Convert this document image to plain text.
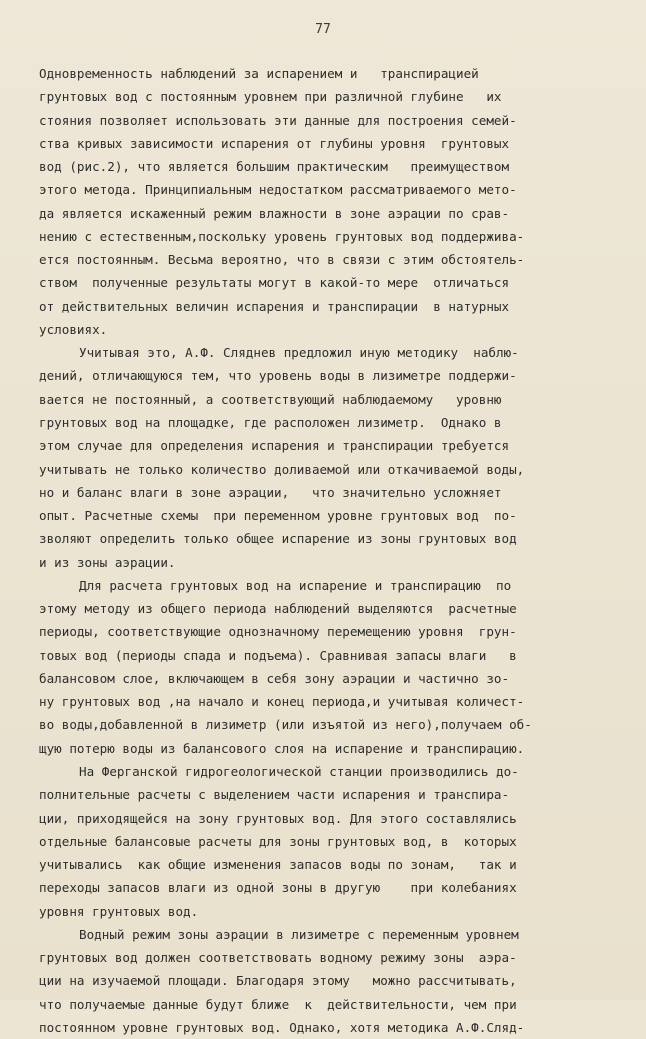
77
Одновременность наблюдений за испарением и   транспирацией
грунтовых вод с постоянным уровнем при различной глубине   их
стояния позволяет использовать эти данные для построения семей-
ства кривых зависимости испарения от глубины уровня  грунтовых
вод (рис.2), что является большим практическим   преимуществом
этого метода. Принципиальным недостатком рассматриваемого мето-
да является искаженный режим влажности в зоне аэрации по срав-
нению с естественным,поскольку уровень грунтовых вод поддержива-
ется постоянным. Весьма вероятно, что в связи с этим обстоятель-
ством  полученные результаты могут в какой-то мере  отличаться
от действительных величин испарения и транспирации  в натурных
условиях.
Учитывая это, А.Ф. Сляднев предложил иную методику  наблю-
дений, отличающуюся тем, что уровень воды в лизиметре поддержи-
вается не постоянный, а соответствующий наблюдаемому   уровню
грунтовых вод на площадке, где расположен лизиметр.  Однако в
этом случае для определения испарения и транспирации требуется
учитывать не только количество доливаемой или откачиваемой воды,
но и баланс влаги в зоне аэрации,   что значительно усложняет
опыт. Расчетные схемы  при переменном уровне грунтовых вод  по-
зволяют определить только общее испарение из зоны грунтовых вод
и из зоны аэрации.
Для расчета грунтовых вод на испарение и транспирацию  по
этому методу из общего периода наблюдений выделяются  расчетные
периоды, соответствующие однозначному перемещению уровня  грун-
товых вод (периоды спада и подъема). Сравнивая запасы влаги   в
балансовом слое, включающем в себя зону аэрации и частично зо-
ну грунтовых вод ,на начало и конец периода,и учитывая количест-
во воды,добавленной в лизиметр (или изъятой из него),получаем об-
щую потерю воды из балансового слоя на испарение и транспирацию.
На Ферганской гидрогеологической станции производились до-
полнительные расчеты с выделением части испарения и транспира-
ции, приходящейся на зону грунтовых вод. Для этого составлялись
отдельные балансовые расчеты для зоны грунтовых вод, в  которых
учитывались  как общие изменения запасов воды по зонам,   так и
переходы запасов влаги из одной зоны в другую    при колебаниях
уровня грунтовых вод.
Водный режим зоны аэрации в лизиметре с переменным уровнем
грунтовых вод должен соответствовать водному режиму зоны  аэра-
ции на изучаемой площади. Благодаря этому   можно рассчитывать,
что получаемые данные будут ближе  к  действительности, чем при
постоянном уровне грунтовых вод. Однако, хотя методика А.Ф.Сляд-
